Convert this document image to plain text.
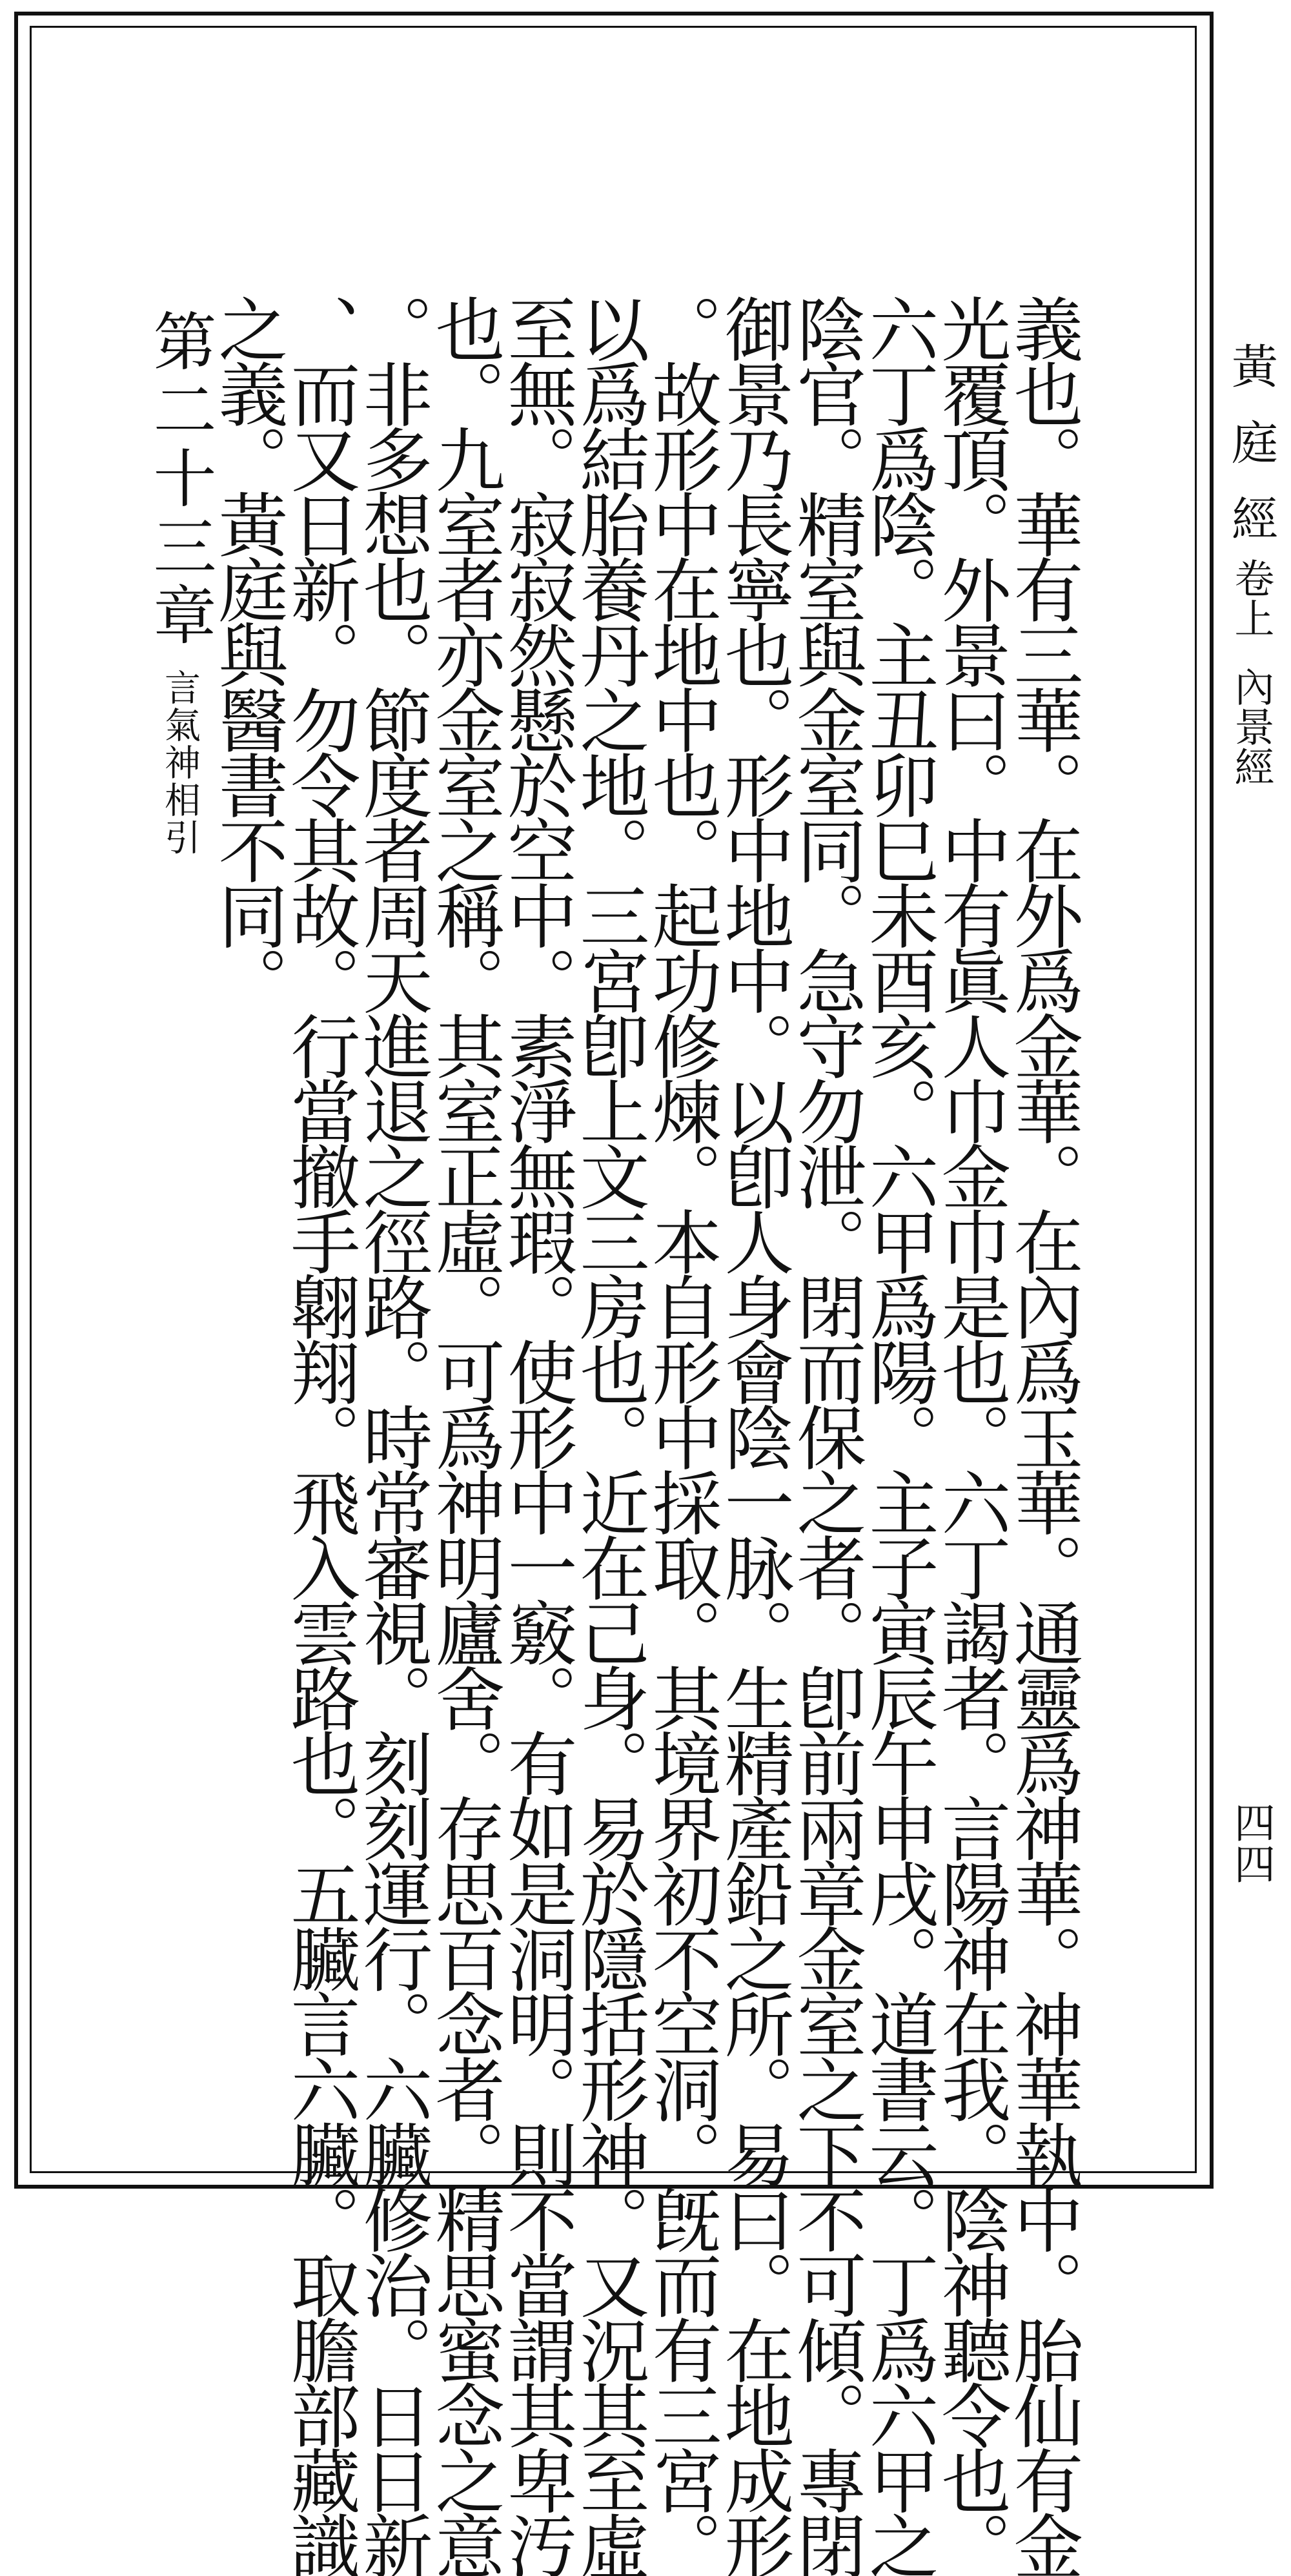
黃庭經
卷上
內景經
四四
義也。華有三華。在外爲金華。在內爲玉華。通靈爲神華。神華執中。胎仙有金
光覆頂。外景曰。中有眞人巾金巾是也。六丁謁者。言陽神在我。陰神聽令也。
六丁爲陰。主丑卯巳未酉亥。六甲爲陽。主子寅辰午申戌。道書云。丁爲六甲之
陰官。精室與金室同。急守勿泄。閉而保之者。卽前兩章金室之下不可傾。專閉
御景乃長寧也。形中地中。以卽人身會陰一脉。生精產鉛之所。易曰。在地成形
。故形中在地中也。起功修煉。本自形中採取。其境界初不空洞。旣而有三宮。
以爲結胎養丹之地。三宮卽上文三房也。近在己身。易於隱括形神。又況其至虛
至無。寂寂然懸於空中。素淨無瑕。使形中一竅。有如是洞明。則不當謂其卑汚
也。九室者亦金室之稱。其室正虛。可爲神明廬舍。存思百念者。精思蜜念之意
。非多想也。節度者周天進退之徑路。時常審視。刻刻運行。六臟修治。日日新
、而又日新。勿令其故。行當撤手翺翔。飛入雲路也。五臟言六臟。取膽部藏識
之義。黃庭與醫書不同。
第二十三章
言氣神相引
